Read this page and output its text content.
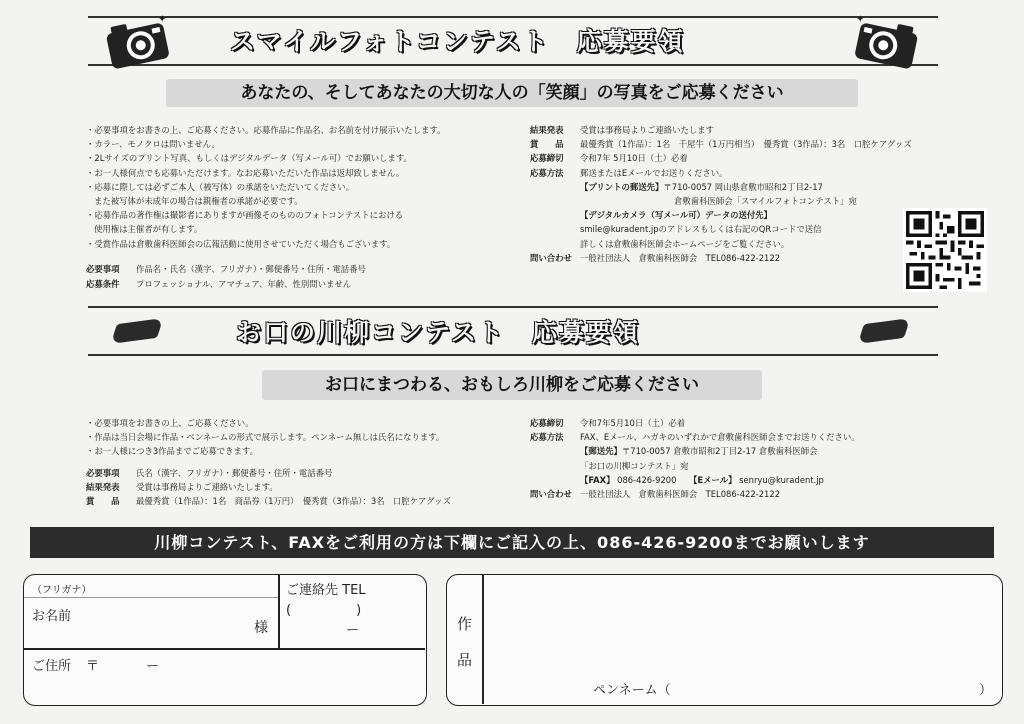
✦	✦
スマイルフォトコンテスト　応募要領
あなたの、そしてあなたの大切な人の「笑顔」の写真をご応募ください
・ 必要事項をお書きの上、ご応募ください。応募作品に作品名、お名前を付け展示いたします。
・ カラー、モノクロは問いません。
・ 2Lサイズのプリント写真、もしくはデジタルデータ（写メール可）でお願いします。
・ お一人様何点でも応募いただけます。なお応募いただいた作品は返却致しません。
・ 応募に際しては必ずご本人（被写体）の承諾をいただいてください。
また被写体が未成年の場合は親権者の承諾が必要です。
・ 応募作品の著作権は撮影者にありますが画像そのもののフォトコンテストにおける
使用権は主催者が有します。
・ 受賞作品は倉敷歯科医師会の広報活動に使用させていただく場合もございます。
必要事項 作品名・氏名（漢字、フリガナ）・郵便番号・住所・電話番号
応募条件 プロフェッショナル、アマチュア、年齢、性別問いません
結果発表 受賞は事務局よりご連絡いたします
賞　　品 最優秀賞（1作品）：1名　千屋牛（1万円相当）　優秀賞（3作品）：3名　口腔ケアグッズ
応募締切 令和7年 5月10日（土）必着
応募方法 郵送またはEメールでお送りください。
【プリントの郵送先】〒710-0057 岡山県倉敷市昭和2丁目2-17
倉敷歯科医師会「スマイルフォトコンテスト」宛
【デジタルカメラ（写メール可）データの送付先】
smile@kuradent.jpのアドレスもしくは右記のQRコードで送信
詳しくは倉敷歯科医師会ホームページをご覧ください。
問い合わせ 一般社団法人　倉敷歯科医師会　TEL086-422-2122
お口の川柳コンテスト　応募要領
お口にまつわる、おもしろ川柳をご応募ください
・ 必要事項をお書きの上、ご応募ください。
・ 作品は当日会場に作品・ペンネームの形式で展示します。ペンネーム無しは氏名になります。
・ お一人様につき3作品までご応募できます。
必要事項 氏名（漢字、フリガナ）・郵便番号・住所・電話番号
結果発表 受賞は事務局よりご連絡いたします。
賞　　品 最優秀賞（1作品）：1名　商品券（1万円）　優秀賞（3作品）：3名　口腔ケアグッズ
応募締切 令和7年5月10日（土）必着
応募方法 FAX、Eメール、ハガキのいずれかで倉敷歯科医師会までお送りください。
【郵送先】〒710-0057 倉敷市昭和2丁目2-17 倉敷歯科医師会
「お口の川柳コンテスト」宛
【FAX】 086-426-9200　　 【Eメール】 senryu@kuradent.jp
問い合わせ 一般社団法人　倉敷歯科医師会　TEL086-422-2122
川柳コンテスト、FAXをご利用の方は下欄にご記入の上、086-426-9200までお願いします
（フリガナ）
お名前
様
ご連絡先 TEL
(　　　　　)
ー
ご住所 〒	ー
作
品
ペンネーム（	）
